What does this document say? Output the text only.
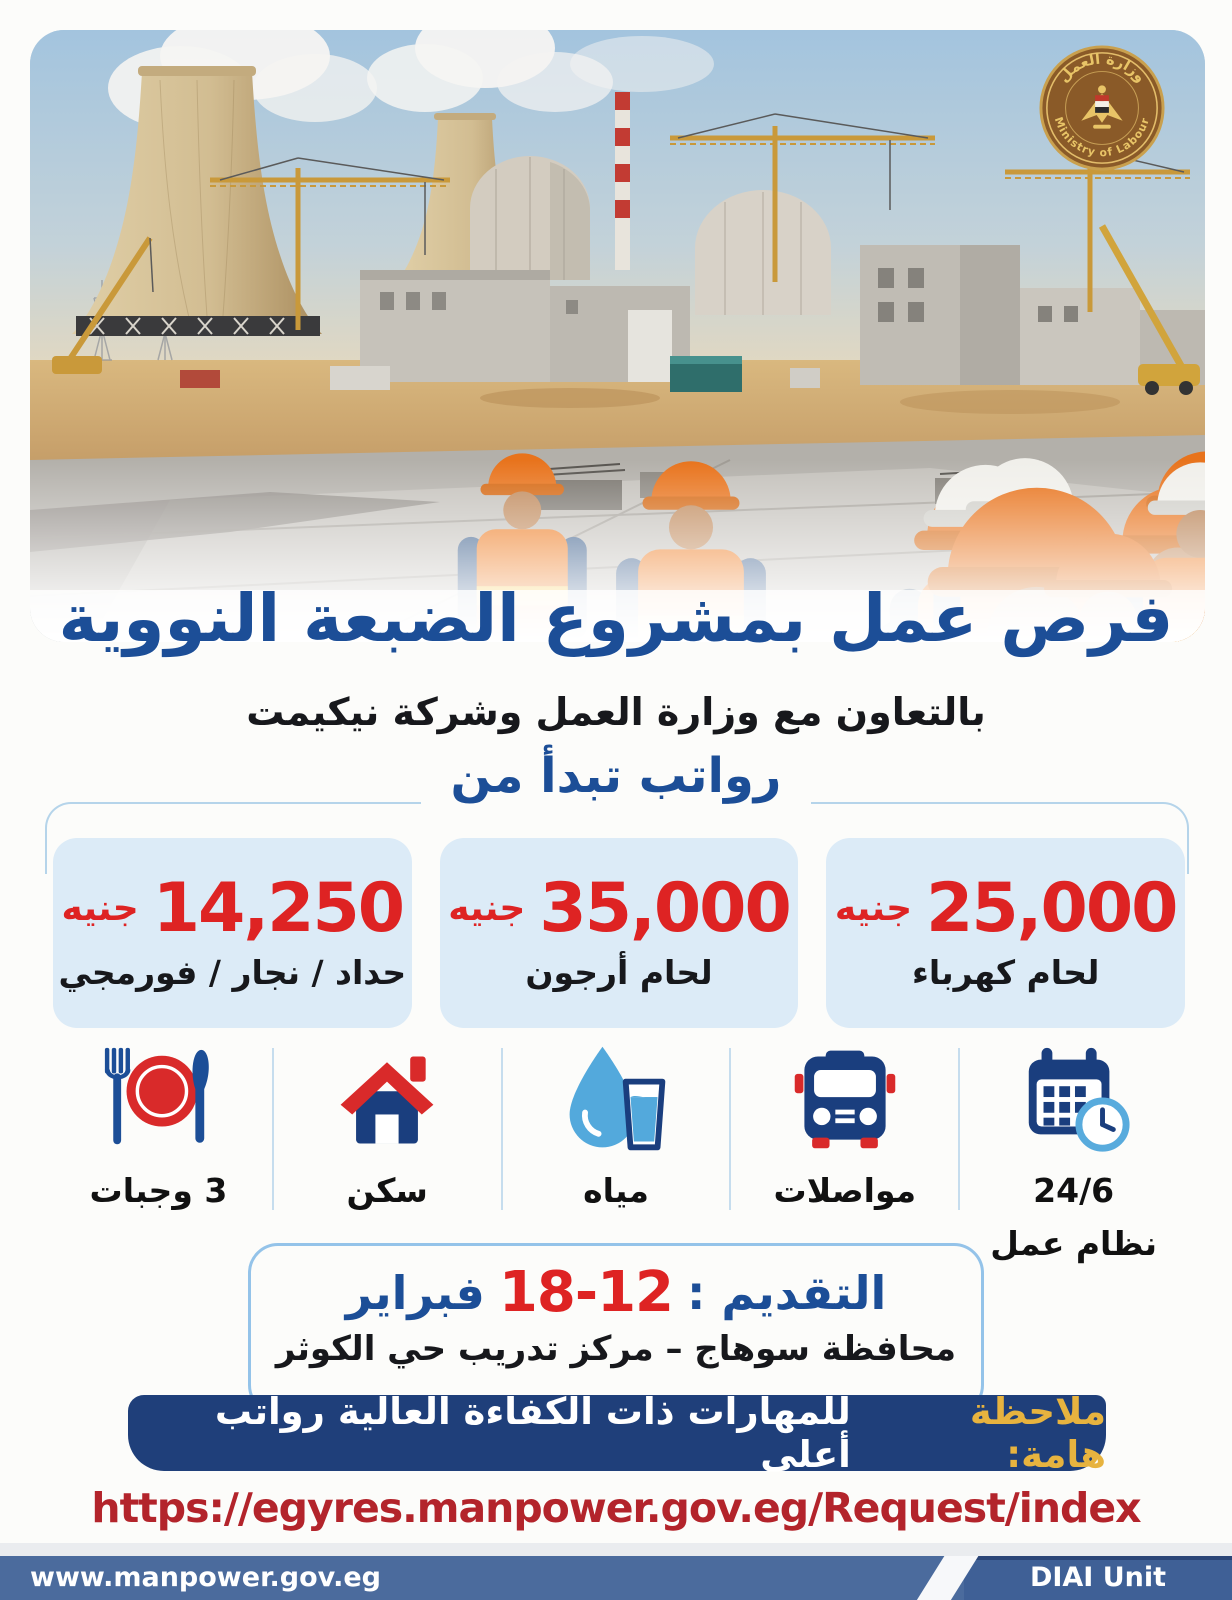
وزارة العمل
Ministry of Labour
فرص عمل بمشروع الضبعة النووية
بالتعاون مع وزارة العمل وشركة نيكيمت
رواتب تبدأ من
25,000
جنيه
لحام كهرباء
35,000
جنيه
لحام أرجون
14,250
جنيه
حداد / نجار / فورمجي
24/6
نظام عمل
مواصلات
مياه
سكن
3 وجبات
التقديم :
18-12
فبراير
محافظة سوهاج – مركز تدريب حي الكوثر
ملاحظة هامة:
للمهارات ذات الكفاءة العالية رواتب أعلى
https://egyres.manpower.gov.eg/Request/index
www.manpower.gov.eg	DIAI Unit
